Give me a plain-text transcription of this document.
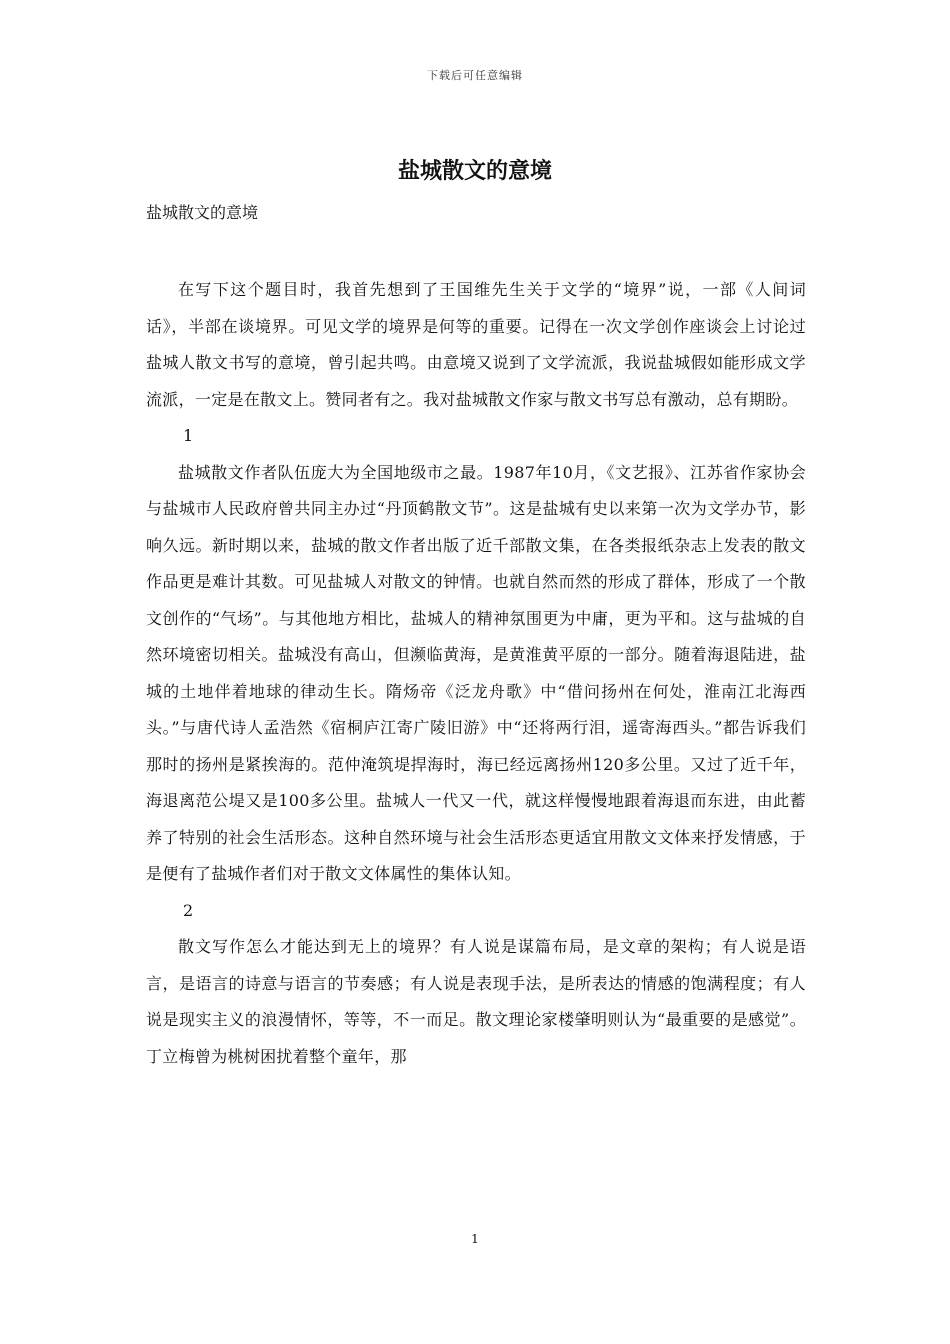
下载后可任意编辑
盐城散文的意境

盐城散文的意境

在写下这个题目时，我首先想到了王国维先生关于文学的“境界”说，一部《人间词话》，半部在谈境界。可见文学的境界是何等的重要。记得在一次文学创作座谈会上讨论过盐城人散文书写的意境，曾引起共鸣。由意境又说到了文学流派，我说盐城假如能形成文学流派，一定是在散文上。赞同者有之。我对盐城散文作家与散文书写总有激动，总有期盼。

1

盐城散文作者队伍庞大为全国地级市之最。1987年10月，《文艺报》、江苏省作家协会与盐城市人民政府曾共同主办过“丹顶鹤散文节”。这是盐城有史以来第一次为文学办节，影响久远。新时期以来，盐城的散文作者出版了近千部散文集，在各类报纸杂志上发表的散文作品更是难计其数。可见盐城人对散文的钟情。也就自然而然的形成了群体，形成了一个散文创作的“气场”。与其他地方相比，盐城人的精神氛围更为中庸，更为平和。这与盐城的自然环境密切相关。盐城没有高山，但濒临黄海，是黄淮黄平原的一部分。随着海退陆进，盐城的土地伴着地球的律动生长。隋炀帝《泛龙舟歌》中“借问扬州在何处，淮南江北海西头。”与唐代诗人孟浩然《宿桐庐江寄广陵旧游》中“还将两行泪，遥寄海西头。”都告诉我们那时的扬州是紧挨海的。范仲淹筑堤捍海时，海已经远离扬州120多公里。又过了近千年，海退离范公堤又是100多公里。盐城人一代又一代，就这样慢慢地跟着海退而东进，由此蓄养了特别的社会生活形态。这种自然环境与社会生活形态更适宜用散文文体来抒发情感，于是便有了盐城作者们对于散文文体属性的集体认知。

2

散文写作怎么才能达到无上的境界？有人说是谋篇布局，是文章的架构；有人说是语言，是语言的诗意与语言的节奏感；有人说是表现手法，是所表达的情感的饱满程度；有人说是现实主义的浪漫情怀，等等，不一而足。散文理论家楼肇明则认为“最重要的是感觉”。丁立梅曾为桃树困扰着整个童年，那

1
